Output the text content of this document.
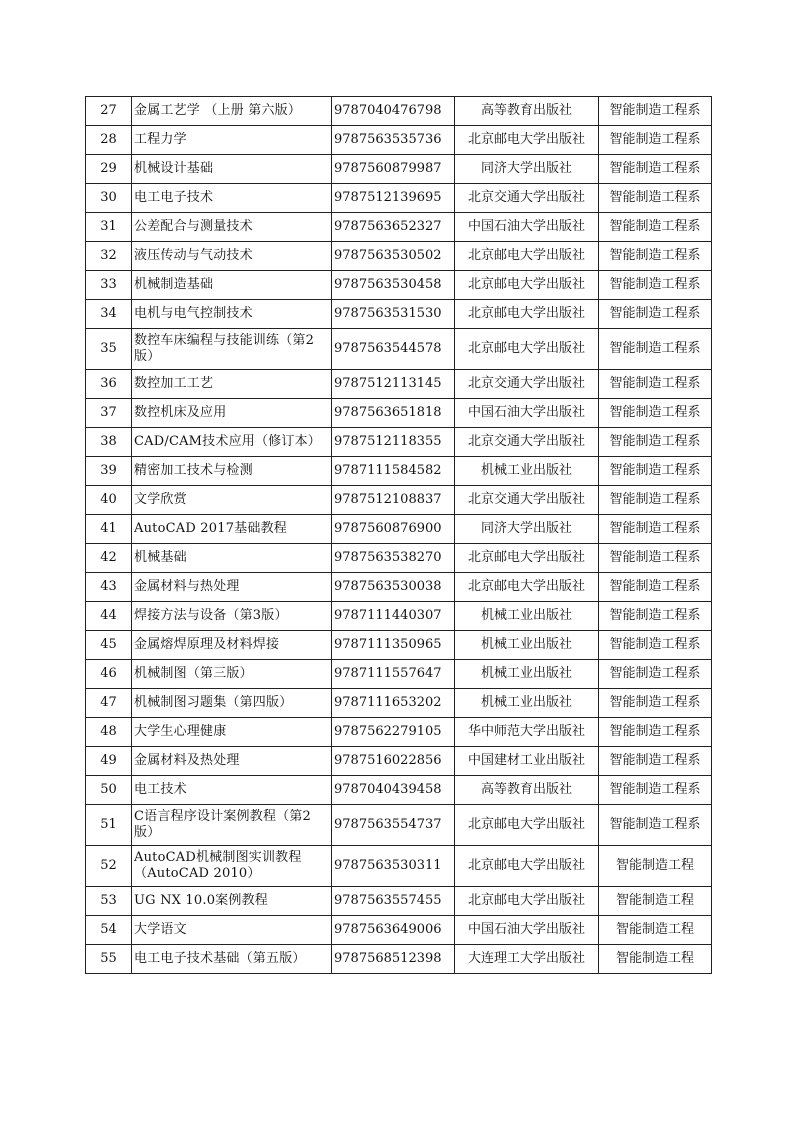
27	金属工艺学 （上册 第六版）	9787040476798	高等教育出版社	智能制造工程系
28	工程力学	9787563535736	北京邮电大学出版社	智能制造工程系
29	机械设计基础	9787560879987	同济大学出版社	智能制造工程系
30	电工电子技术	9787512139695	北京交通大学出版社	智能制造工程系
31	公差配合与测量技术	9787563652327	中国石油大学出版社	智能制造工程系
32	液压传动与气动技术	9787563530502	北京邮电大学出版社	智能制造工程系
33	机械制造基础	9787563530458	北京邮电大学出版社	智能制造工程系
34	电机与电气控制技术	9787563531530	北京邮电大学出版社	智能制造工程系
35	数控车床编程与技能训练（第2版）	9787563544578	北京邮电大学出版社	智能制造工程系
36	数控加工工艺	9787512113145	北京交通大学出版社	智能制造工程系
37	数控机床及应用	9787563651818	中国石油大学出版社	智能制造工程系
38	CAD/CAM技术应用（修订本）	9787512118355	北京交通大学出版社	智能制造工程系
39	精密加工技术与检测	9787111584582	机械工业出版社	智能制造工程系
40	文学欣赏	9787512108837	北京交通大学出版社	智能制造工程系
41	AutoCAD 2017基础教程	9787560876900	同济大学出版社	智能制造工程系
42	机械基础	9787563538270	北京邮电大学出版社	智能制造工程系
43	金属材料与热处理	9787563530038	北京邮电大学出版社	智能制造工程系
44	焊接方法与设备（第3版）	9787111440307	机械工业出版社	智能制造工程系
45	金属熔焊原理及材料焊接	9787111350965	机械工业出版社	智能制造工程系
46	机械制图（第三版）	9787111557647	机械工业出版社	智能制造工程系
47	机械制图习题集（第四版）	9787111653202	机械工业出版社	智能制造工程系
48	大学生心理健康	9787562279105	华中师范大学出版社	智能制造工程系
49	金属材料及热处理	9787516022856	中国建材工业出版社	智能制造工程系
50	电工技术	9787040439458	高等教育出版社	智能制造工程系
51	C语言程序设计案例教程（第2版）	9787563554737	北京邮电大学出版社	智能制造工程系
52	AutoCAD机械制图实训教程（AutoCAD 2010）	9787563530311	北京邮电大学出版社	智能制造工程
53	UG NX 10.0案例教程	9787563557455	北京邮电大学出版社	智能制造工程
54	大学语文	9787563649006	中国石油大学出版社	智能制造工程
55	电工电子技术基础（第五版）	9787568512398	大连理工大学出版社	智能制造工程
